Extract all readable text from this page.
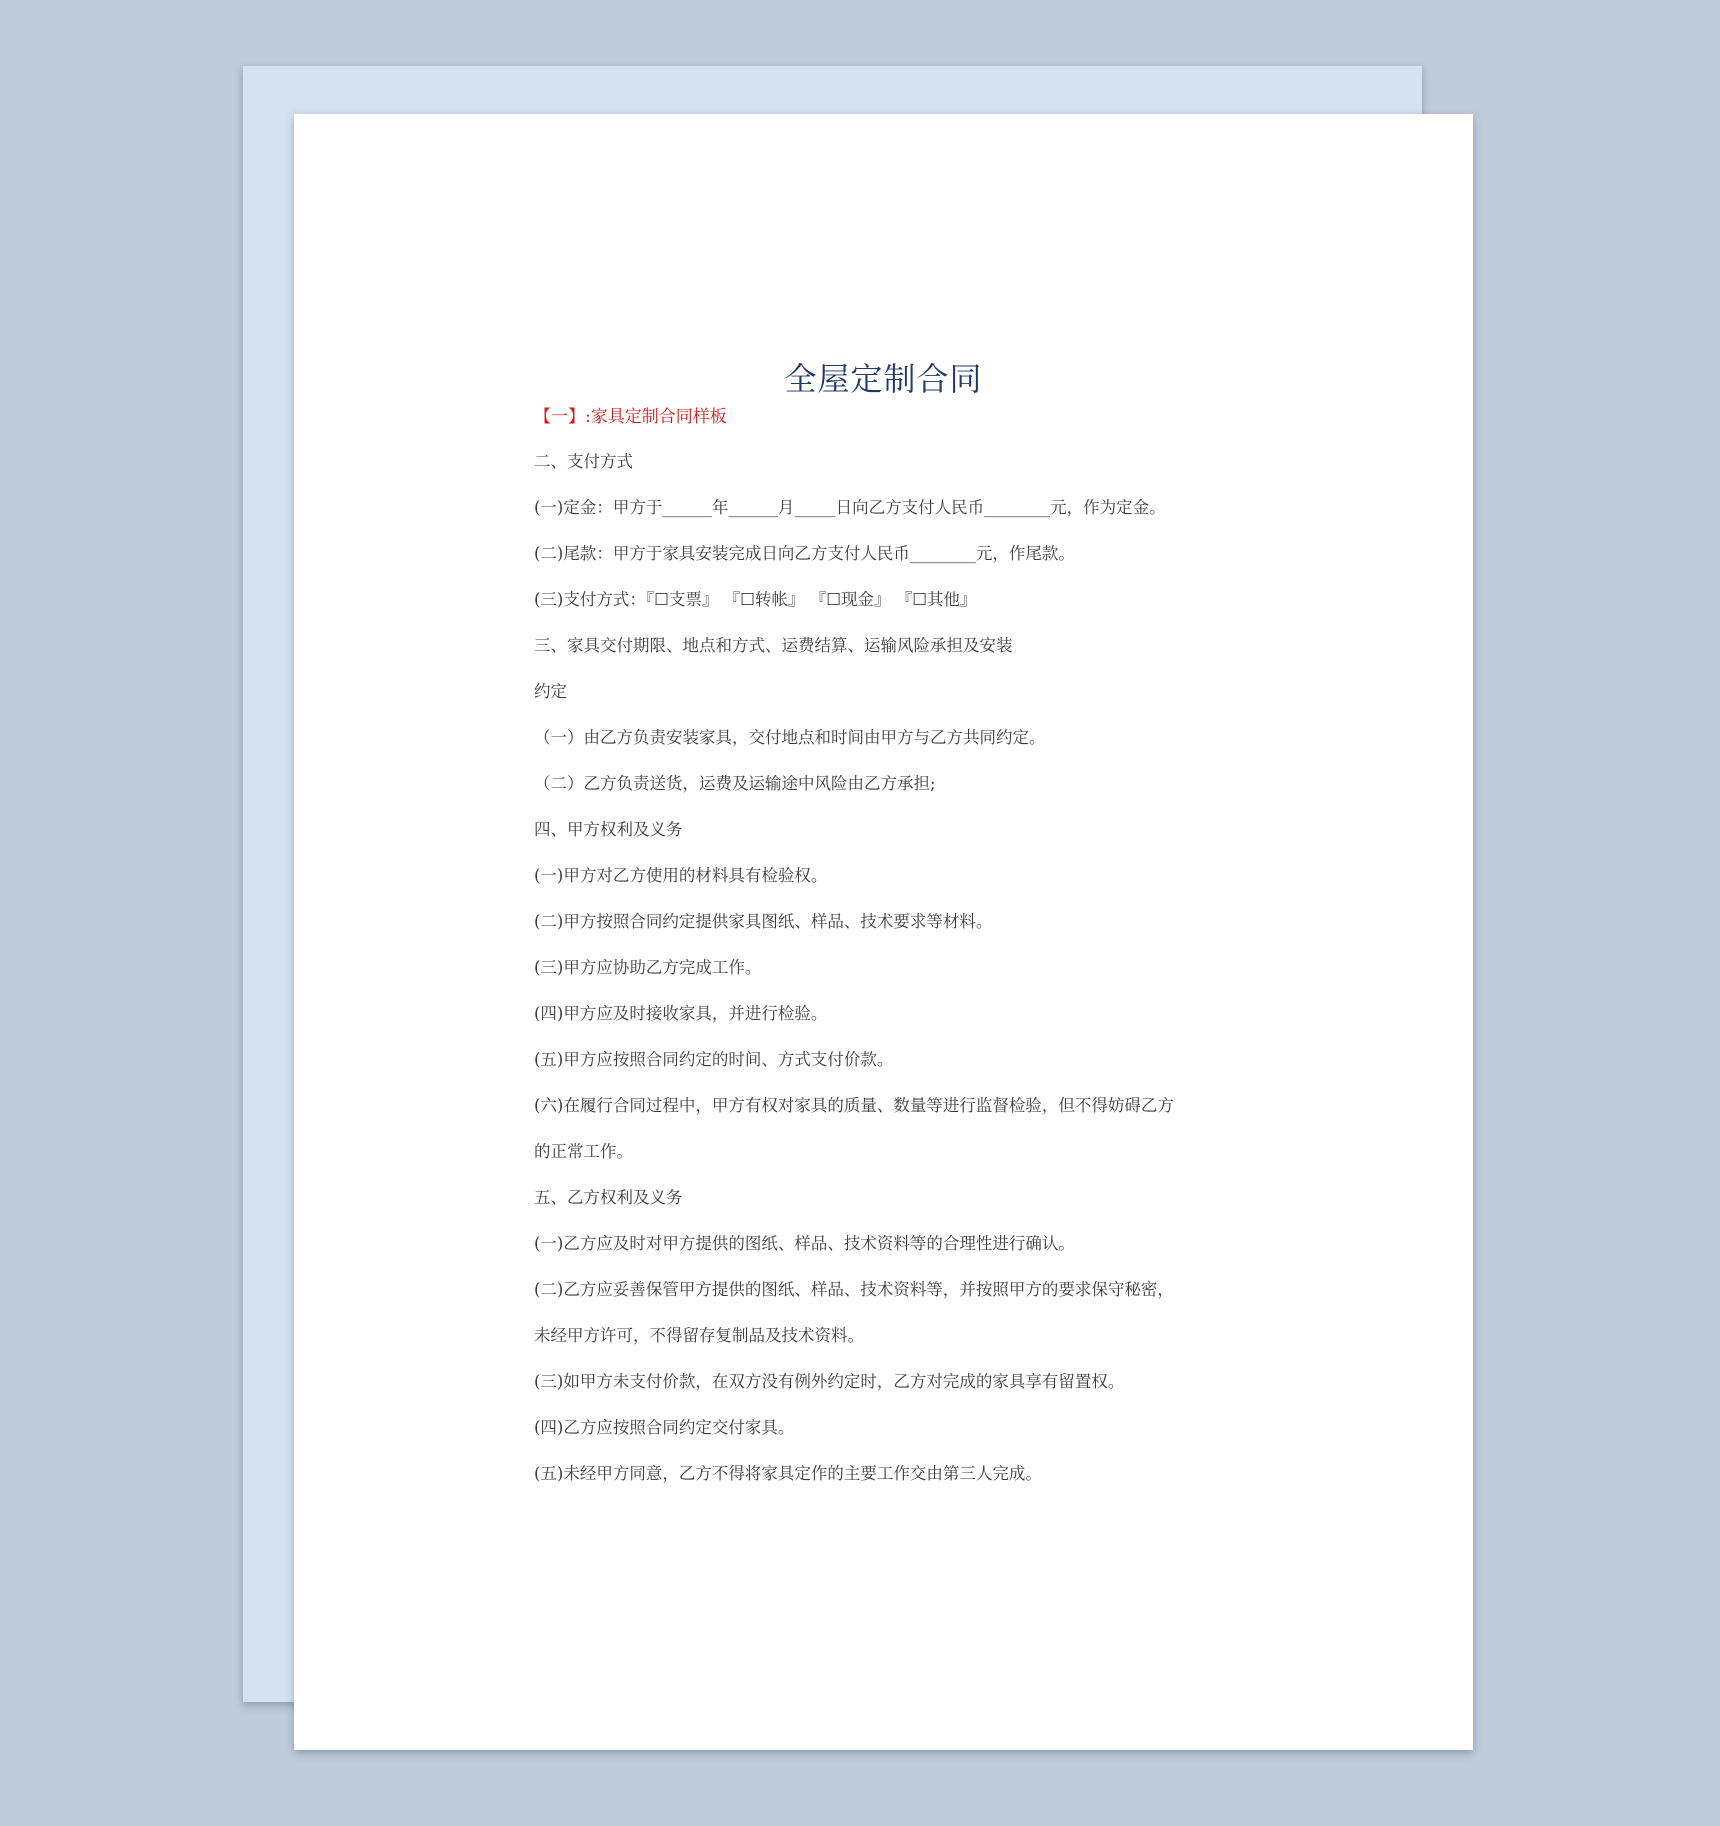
全屋定制合同
【一】:家具定制合同样板
二、支付方式
(一)定金：甲方于______年______月_____日向乙方支付人民币________元，作为定金。
(二)尾款：甲方于家具安装完成日向乙方支付人民币________元，作尾款。
(三)支付方式：『☐支票』 『☐转帐』 『☐现金』 『☐其他』
三、家具交付期限、地点和方式、运费结算、运输风险承担及安装
约定
（一）由乙方负责安装家具，交付地点和时间由甲方与乙方共同约定。
（二）乙方负责送货，运费及运输途中风险由乙方承担;
四、甲方权利及义务
(一)甲方对乙方使用的材料具有检验权。
(二)甲方按照合同约定提供家具图纸、样品、技术要求等材料。
(三)甲方应协助乙方完成工作。
(四)甲方应及时接收家具，并进行检验。
(五)甲方应按照合同约定的时间、方式支付价款。
(六)在履行合同过程中，甲方有权对家具的质量、数量等进行监督检验，但不得妨碍乙方
的正常工作。
五、乙方权利及义务
(一)乙方应及时对甲方提供的图纸、样品、技术资料等的合理性进行确认。
(二)乙方应妥善保管甲方提供的图纸、样品、技术资料等，并按照甲方的要求保守秘密，
未经甲方许可，不得留存复制品及技术资料。
(三)如甲方未支付价款，在双方没有例外约定时，乙方对完成的家具享有留置权。
(四)乙方应按照合同约定交付家具。
(五)未经甲方同意，乙方不得将家具定作的主要工作交由第三人完成。
